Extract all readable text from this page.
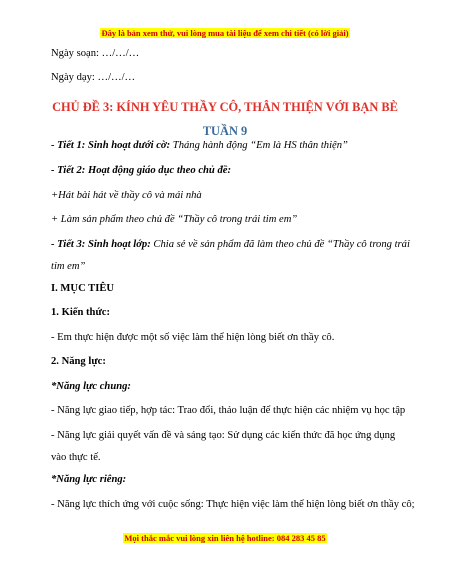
Đây là bản xem thử, vui lòng mua tài liệu để xem chi tiết (có lời giải)
Ngày soạn: …/…/…
Ngày dạy: …/…/…
CHỦ ĐỀ 3: KÍNH YÊU THẦY CÔ, THÂN THIỆN VỚI BẠN BÈ
TUẦN 9
- Tiết 1: Sinh hoạt dưới cờ: Tháng hành động “Em là HS thân thiện”
- Tiết 2: Hoạt động giáo dục theo chủ đề:
+Hát bài hát về thầy cô và mái nhà
+ Làm sản phẩm theo chủ đề “Thầy cô trong trái tim em”
- Tiết 3: Sinh hoạt lớp: Chia sẻ về sản phẩm đã làm theo chủ đề “Thầy cô trong trái tim em”
I. MỤC TIÊU
1. Kiến thức:
- Em thực hiện được một số việc làm thể hiện lòng biết ơn thầy cô.
2. Năng lực:
*Năng lực chung:
- Năng lực giao tiếp, hợp tác: Trao đổi, thảo luận để thực hiện các nhiệm vụ học tập
- Năng lực giải quyết vấn đề và sáng tạo: Sử dụng các kiến thức đã học ứng dụng vào thực tế.
*Năng lực riêng:
- Năng lực thích ứng với cuộc sống: Thực hiện việc làm thể hiện lòng biết ơn thầy cô;
Mọi thắc mắc vui lòng xin liên hệ hotline: 084 283 45 85
